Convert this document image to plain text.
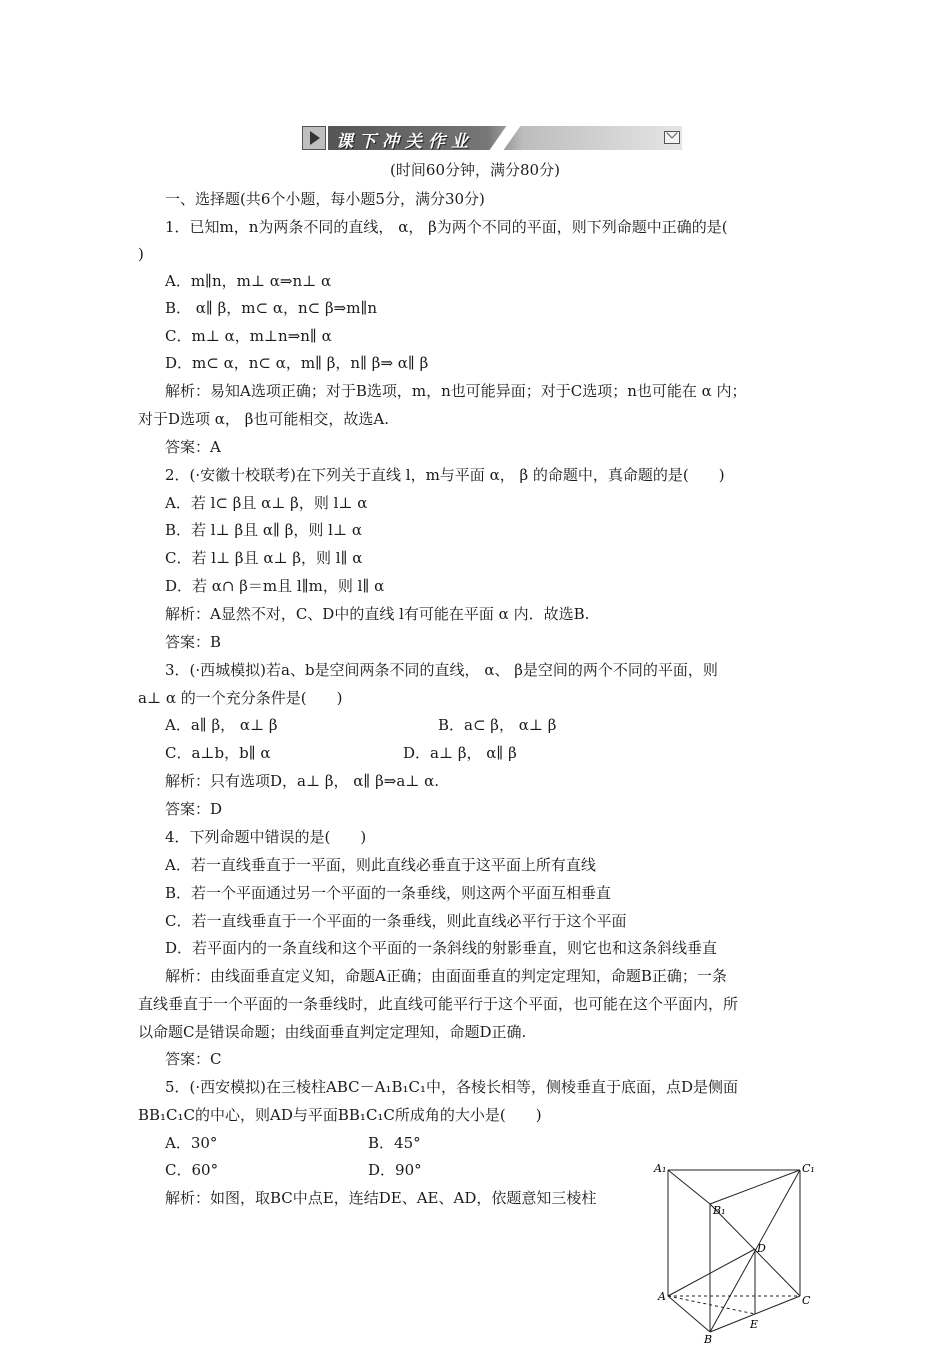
课下冲关作业
(时间60分钟，满分80分)
一、选择题(共6个小题，每小题5分，满分30分)
1．已知m，n为两条不同的直线， α， β为两个不同的平面，则下列命题中正确的是(
)
A．m∥n，m⊥ α⇒n⊥ α
B． α∥ β，m⊂ α，n⊂ β⇒m∥n
C．m⊥ α，m⊥n⇒n∥ α
D．m⊂ α，n⊂ α，m∥ β，n∥ β⇒ α∥ β
解析：易知A选项正确；对于B选项，m，n也可能异面；对于C选项；n也可能在 α 内；
对于D选项 α， β也可能相交，故选A.
答案：A
2．(·安徽十校联考)在下列关于直线 l，m与平面 α， β 的命题中，真命题的是(　　)
A．若 l⊂ β且 α⊥ β，则 l⊥ α
B．若 l⊥ β且 α∥ β，则 l⊥ α
C．若 l⊥ β且 α⊥ β，则 l∥ α
D．若 α∩ β＝m且 l∥m，则 l∥ α
解析：A显然不对，C、D中的直线 l有可能在平面 α 内．故选B.
答案：B
3．(·西城模拟)若a、b是空间两条不同的直线， α、 β是空间的两个不同的平面，则
a⊥ α 的一个充分条件是(　　)
A．a∥ β， α⊥ β	B．a⊂ β， α⊥ β
C．a⊥b，b∥ α	D．a⊥ β， α∥ β
解析：只有选项D，a⊥ β， α∥ β⇒a⊥ α.
答案：D
4．下列命题中错误的是(　　)
A．若一直线垂直于一平面，则此直线必垂直于这平面上所有直线
B．若一个平面通过另一个平面的一条垂线，则这两个平面互相垂直
C．若一直线垂直于一个平面的一条垂线，则此直线必平行于这个平面
D．若平面内的一条直线和这个平面的一条斜线的射影垂直，则它也和这条斜线垂直
解析：由线面垂直定义知，命题A正确；由面面垂直的判定定理知，命题B正确；一条
直线垂直于一个平面的一条垂线时，此直线可能平行于这个平面，也可能在这个平面内，所
以命题C是错误命题；由线面垂直判定定理知，命题D正确.
答案：C
5．(·西安模拟)在三棱柱ABC－A₁B₁C₁中，各棱长相等，侧棱垂直于底面，点D是侧面
BB₁C₁C的中心，则AD与平面BB₁C₁C所成角的大小是(　　)
A．30°	B．45°
C．60°	D．90°
解析：如图，取BC中点E，连结DE、AE、AD，依题意知三棱柱
A₁	C₁
B₁
D
A	C
E
B
